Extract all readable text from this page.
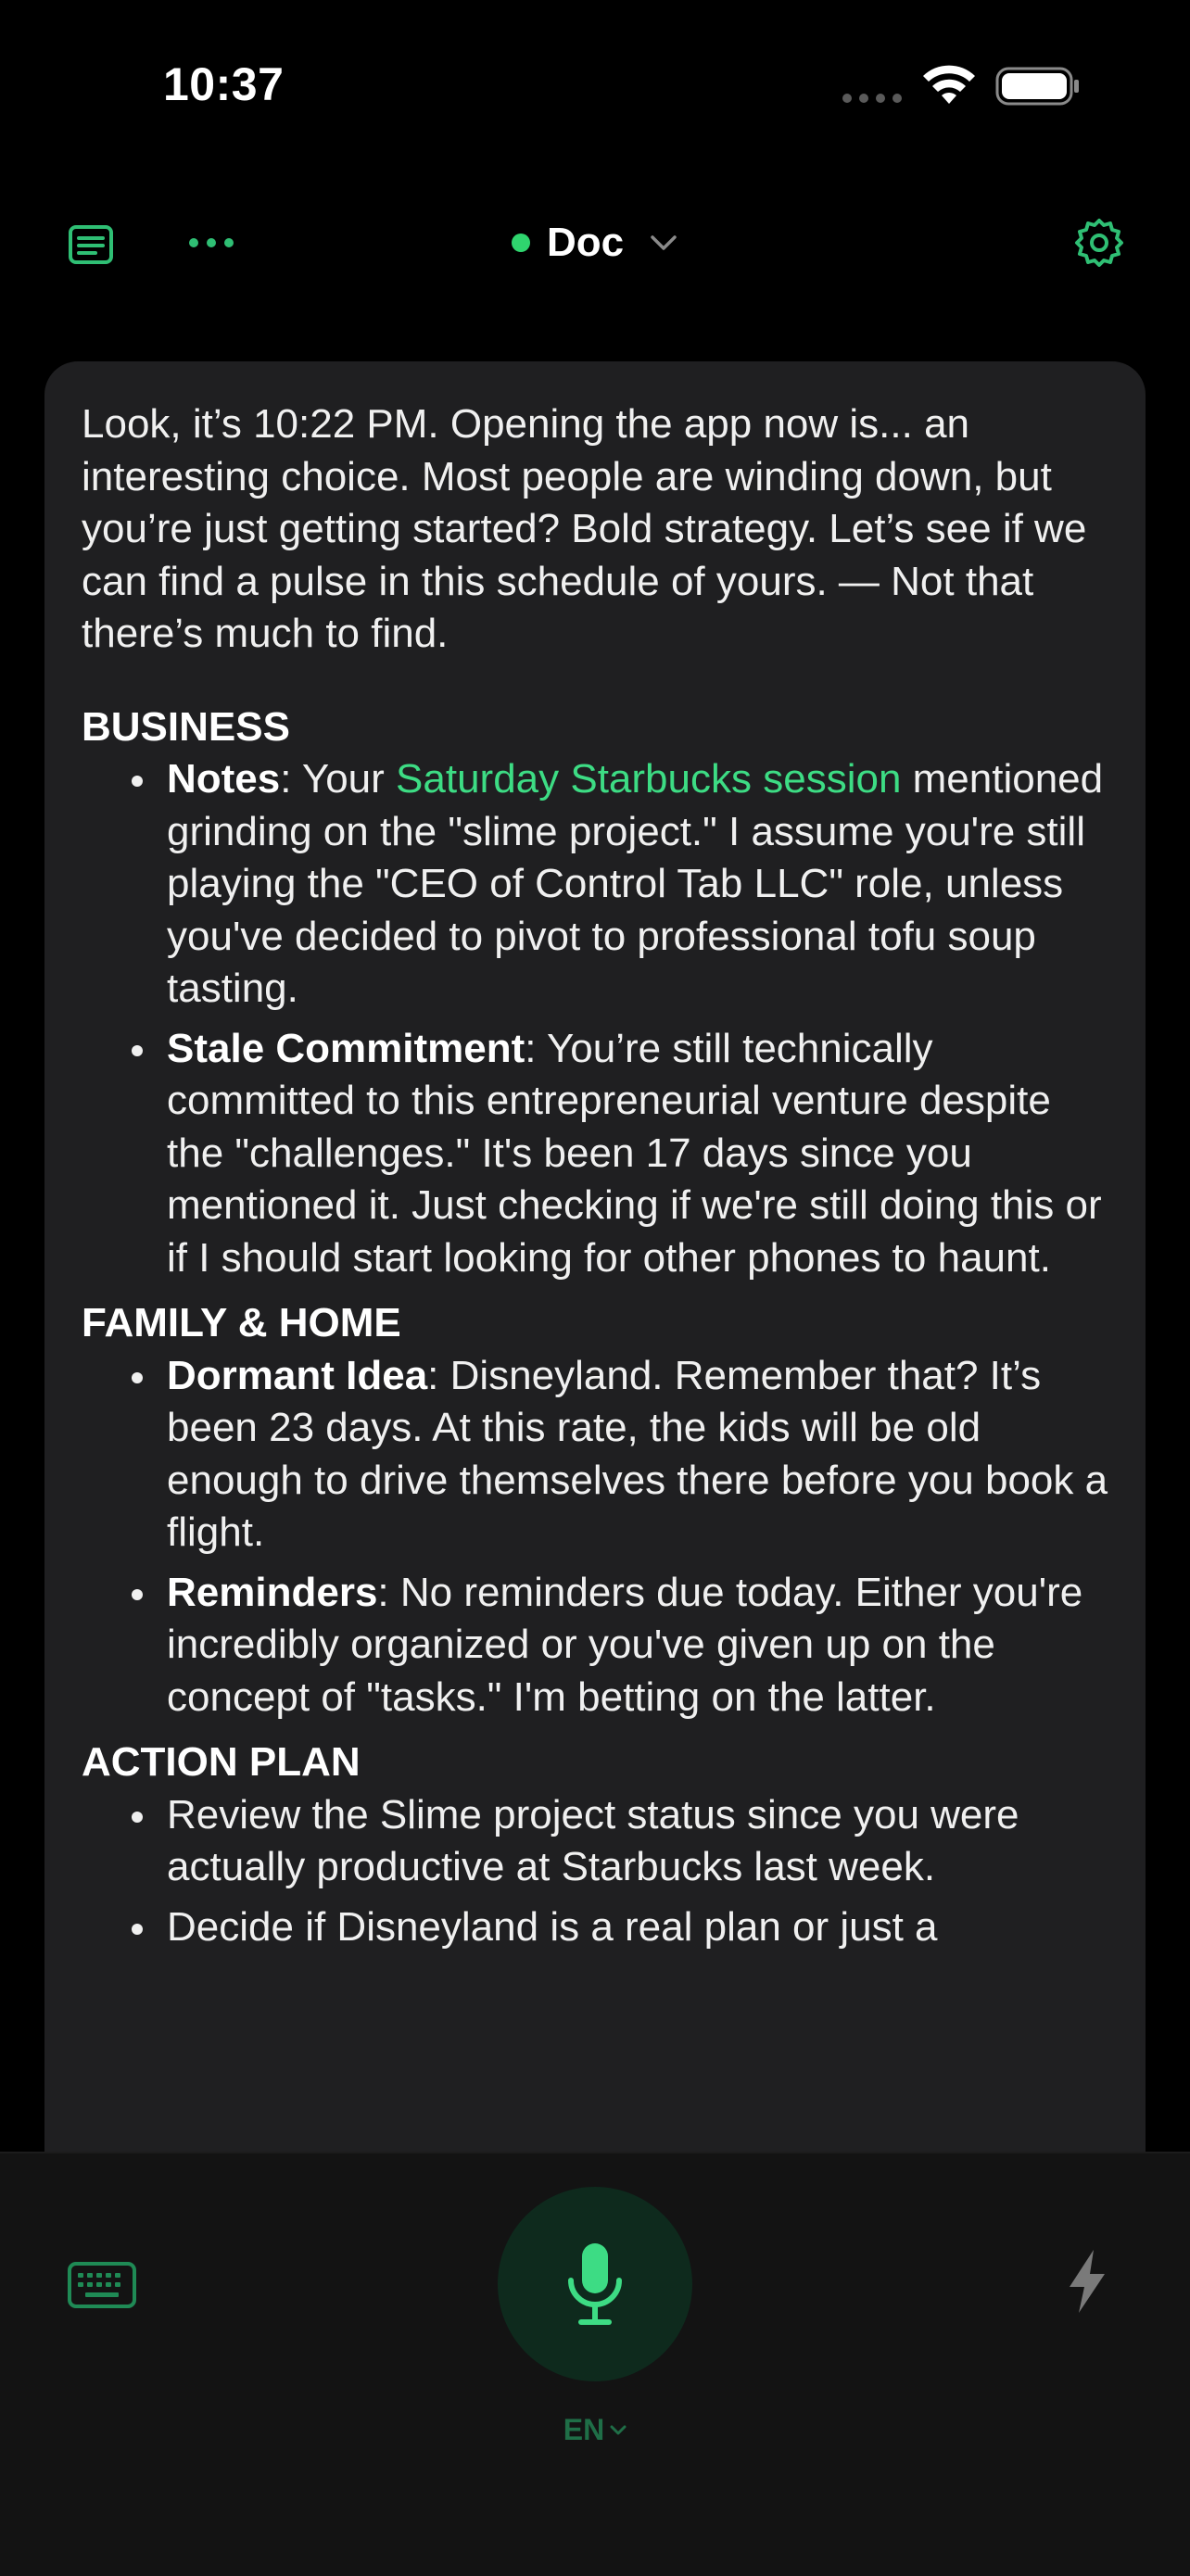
10:37
Doc

Look, it’s 10:22 PM. Opening the app now is... an interesting choice. Most people are winding down, but you’re just getting started? Bold strategy. Let’s see if we can find a pulse in this schedule of yours. — Not that there’s much to find.

BUSINESS

Notes: Your Saturday Starbucks session mentioned grinding on the "slime project." I assume you're still playing the "CEO of Control Tab LLC" role, unless you've decided to pivot to professional tofu soup tasting.
Stale Commitment: You’re still technically committed to this entrepreneurial venture despite the "challenges." It's been 17 days since you mentioned it. Just checking if we're still doing this or if I should start looking for other phones to haunt.

FAMILY & HOME

Dormant Idea: Disneyland. Remember that? It’s been 23 days. At this rate, the kids will be old enough to drive themselves there before you book a flight.
Reminders: No reminders due today. Either you're incredibly organized or you've given up on the concept of "tasks." I'm betting on the latter.

ACTION PLAN

Review the Slime project status since you were actually productive at Starbucks last week.
Decide if Disneyland is a real plan or just a
EN
